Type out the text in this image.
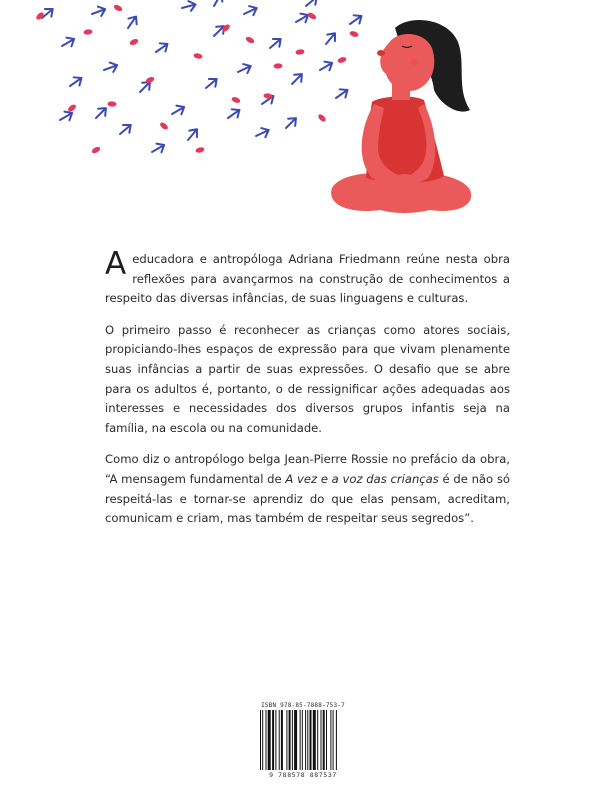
A educadora e antropóloga Adriana Friedmann reúne nesta obra reflexões para avançarmos na construção de conhecimentos a respeito das diversas infâncias, de suas linguagens e culturas.

O primeiro passo é reconhecer as crianças como atores sociais, propiciando-lhes espaços de expressão para que vivam plenamente suas infâncias a partir de suas expressões. O desafio que se abre para os adultos é, portanto, o de ressignificar ações adequadas aos interesses e necessidades dos diversos grupos infantis seja na família, na escola ou na comunidade.

Como diz o antropólogo belga Jean-Pierre Rossie no prefácio da obra, “A mensagem fundamental de A vez e a voz das crianças é de não só respeitá-las e tornar-se aprendiz do que elas pensam, acreditam, comunicam e criam, mas também de respeitar seus segredos”.

ISBN 978-85-7888-753-7
9 788578 887537
